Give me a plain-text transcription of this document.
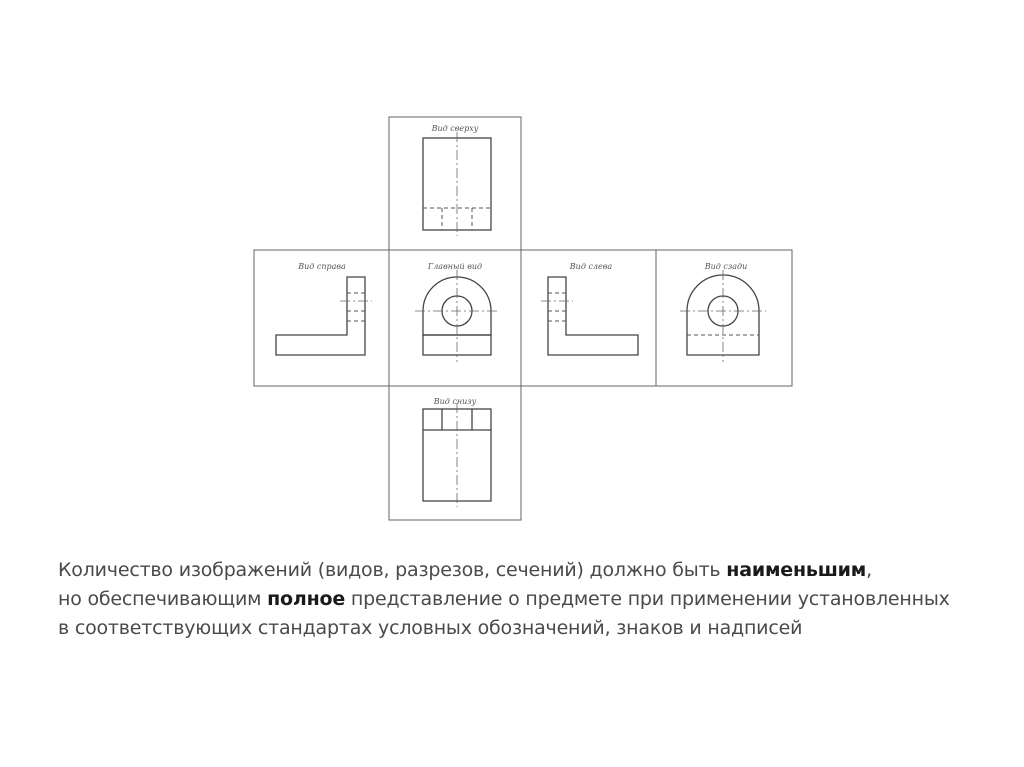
Вид сверху
Вид справа	Главный вид	Вид слева	Вид сзади
Вид снизу
Количество изображений (видов, разрезов, сечений) должно быть наименьшим,
но обеспечивающим полное представление о предмете при применении установленных
в соответствующих стандартах условных обозначений, знаков и надписей
